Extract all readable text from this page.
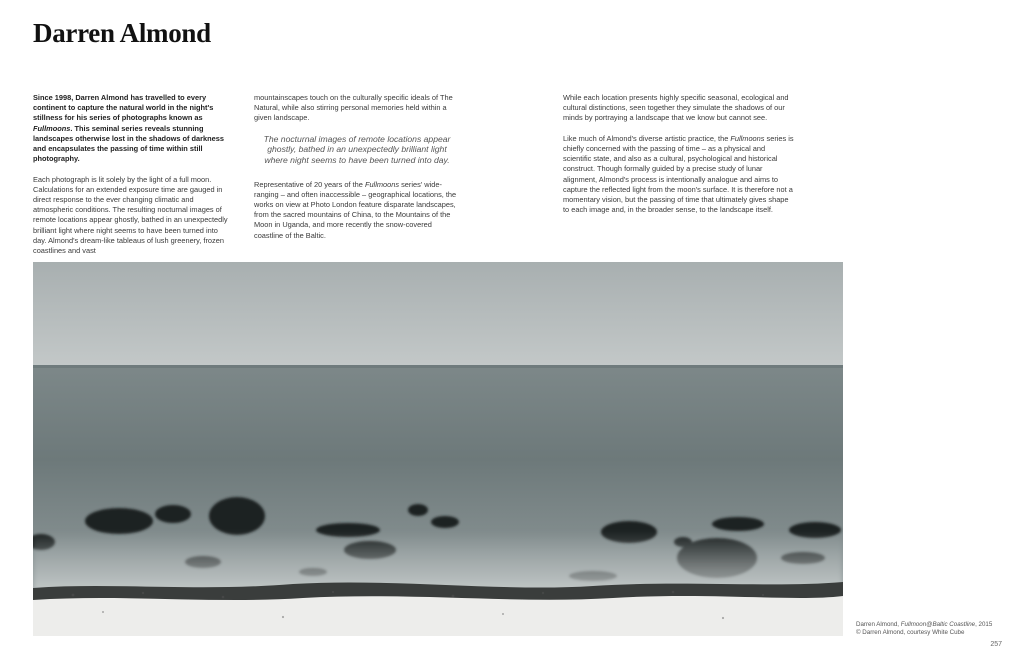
Darren Almond

Since 1998, Darren Almond has travelled to every continent to capture the natural world in the night's stillness for his series of photographs known as Fullmoons. This seminal series reveals stunning landscapes otherwise lost in the shadows of darkness and encapsulates the passing of time within still photography.

Each photograph is lit solely by the light of a full moon. Calculations for an extended exposure time are gauged in direct response to the ever changing climatic and atmospheric conditions. The resulting nocturnal images of remote locations appear ghostly, bathed in an unexpectedly brilliant light where night seems to have been turned into day. Almond's dream-like tableaus of lush greenery, frozen coastlines and vast

mountainscapes touch on the culturally specific ideals of The Natural, while also stirring personal memories held within a given landscape.

The nocturnal images of remote locations appear ghostly, bathed in an unexpectedly brilliant light where night seems to have been turned into day.

Representative of 20 years of the Fullmoons series' wide-ranging – and often inaccessible – geographical locations, the works on view at Photo London feature disparate landscapes, from the sacred mountains of China, to the Mountains of the Moon in Uganda, and more recently the snow-covered coastline of the Baltic.

While each location presents highly specific seasonal, ecological and cultural distinctions, seen together they simulate the shadows of our minds by portraying a landscape that we know but cannot see.

Like much of Almond's diverse artistic practice, the Fullmoons series is chiefly concerned with the passing of time – as a physical and scientific state, and also as a cultural, psychological and historical construct. Though formally guided by a precise study of lunar alignment, Almond's process is intentionally analogue and aims to capture the reflected light from the moon's surface. It is therefore not a momentary vision, but the passing of time that ultimately gives shape to each image and, in the broader sense, to the landscape itself.

Darren Almond, Fullmoon@Baltic Coastline, 2015
© Darren Almond, courtesy White Cube
257
